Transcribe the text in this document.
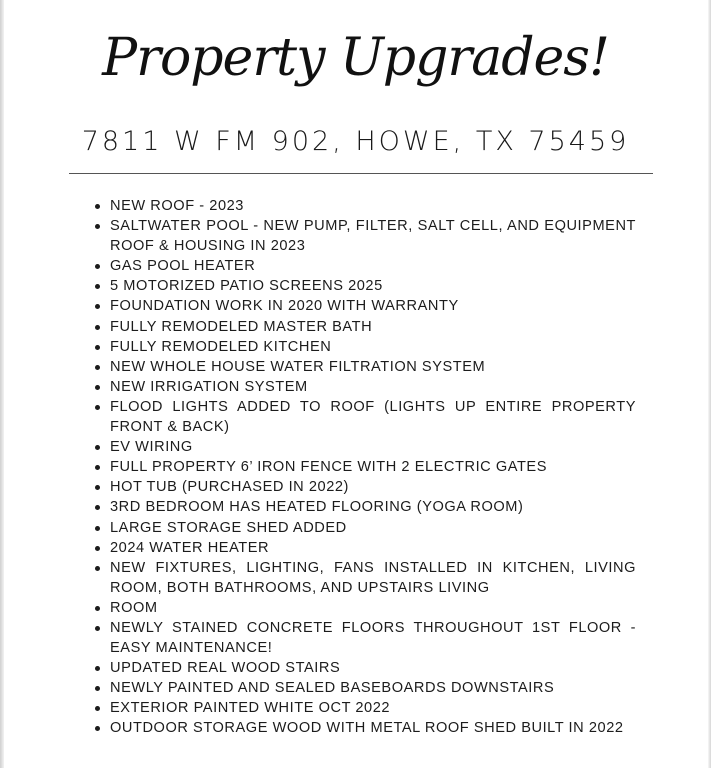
Property Upgrades!
7811 W FM 902, HOWE, TX 75459
NEW ROOF - 2023
SALTWATER POOL - NEW PUMP, FILTER, SALT CELL, AND EQUIPMENT ROOF & HOUSING IN 2023
GAS POOL HEATER
5 MOTORIZED PATIO SCREENS 2025
FOUNDATION WORK IN 2020 WITH WARRANTY
FULLY REMODELED MASTER BATH
FULLY REMODELED KITCHEN
NEW WHOLE HOUSE WATER FILTRATION SYSTEM
NEW IRRIGATION SYSTEM
FLOOD LIGHTS ADDED TO ROOF (LIGHTS UP ENTIRE PROPERTY FRONT & BACK)
EV WIRING
FULL PROPERTY 6’ IRON FENCE WITH 2 ELECTRIC GATES
HOT TUB (PURCHASED IN 2022)
3RD BEDROOM HAS HEATED FLOORING (YOGA ROOM)
LARGE STORAGE SHED ADDED
2024 WATER HEATER
NEW FIXTURES, LIGHTING, FANS INSTALLED IN KITCHEN, LIVING ROOM, BOTH BATHROOMS, AND UPSTAIRS LIVING
ROOM
NEWLY STAINED CONCRETE FLOORS THROUGHOUT 1ST FLOOR - EASY MAINTENANCE!
UPDATED REAL WOOD STAIRS
NEWLY PAINTED AND SEALED BASEBOARDS DOWNSTAIRS
EXTERIOR PAINTED WHITE OCT 2022
OUTDOOR STORAGE WOOD WITH METAL ROOF SHED BUILT IN 2022
